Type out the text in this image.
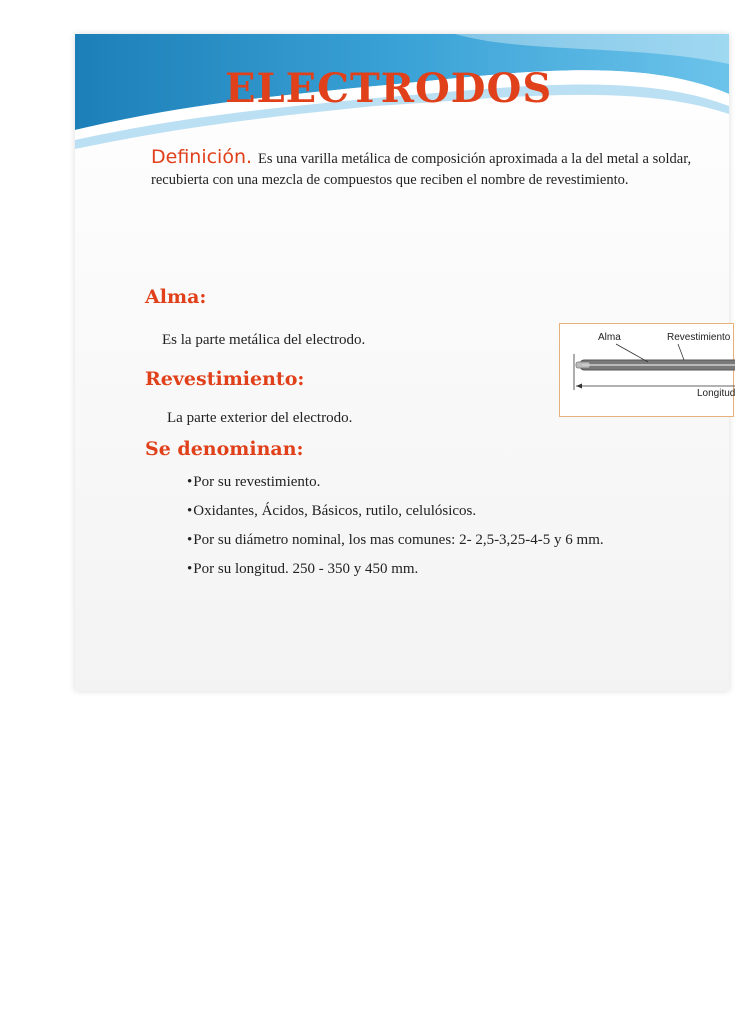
ELECTRODOS
Definición. Es una varilla metálica de composición aproximada a la del metal a soldar,
recubierta con una mezcla de compuestos que reciben el nombre de revestimiento.
Alma:
Es la parte metálica del electrodo.
Revestimiento:
La parte exterior del electrodo.
Se denominan:
•Por su revestimiento.
•Oxidantes, Ácidos, Básicos, rutilo, celulósicos.
•Por su diámetro nominal, los mas comunes: 2- 2,5-3,25-4-5 y 6 mm.
•Por su longitud. 250 - 350 y 450 mm.
Alma	Revestimiento
Longitud
